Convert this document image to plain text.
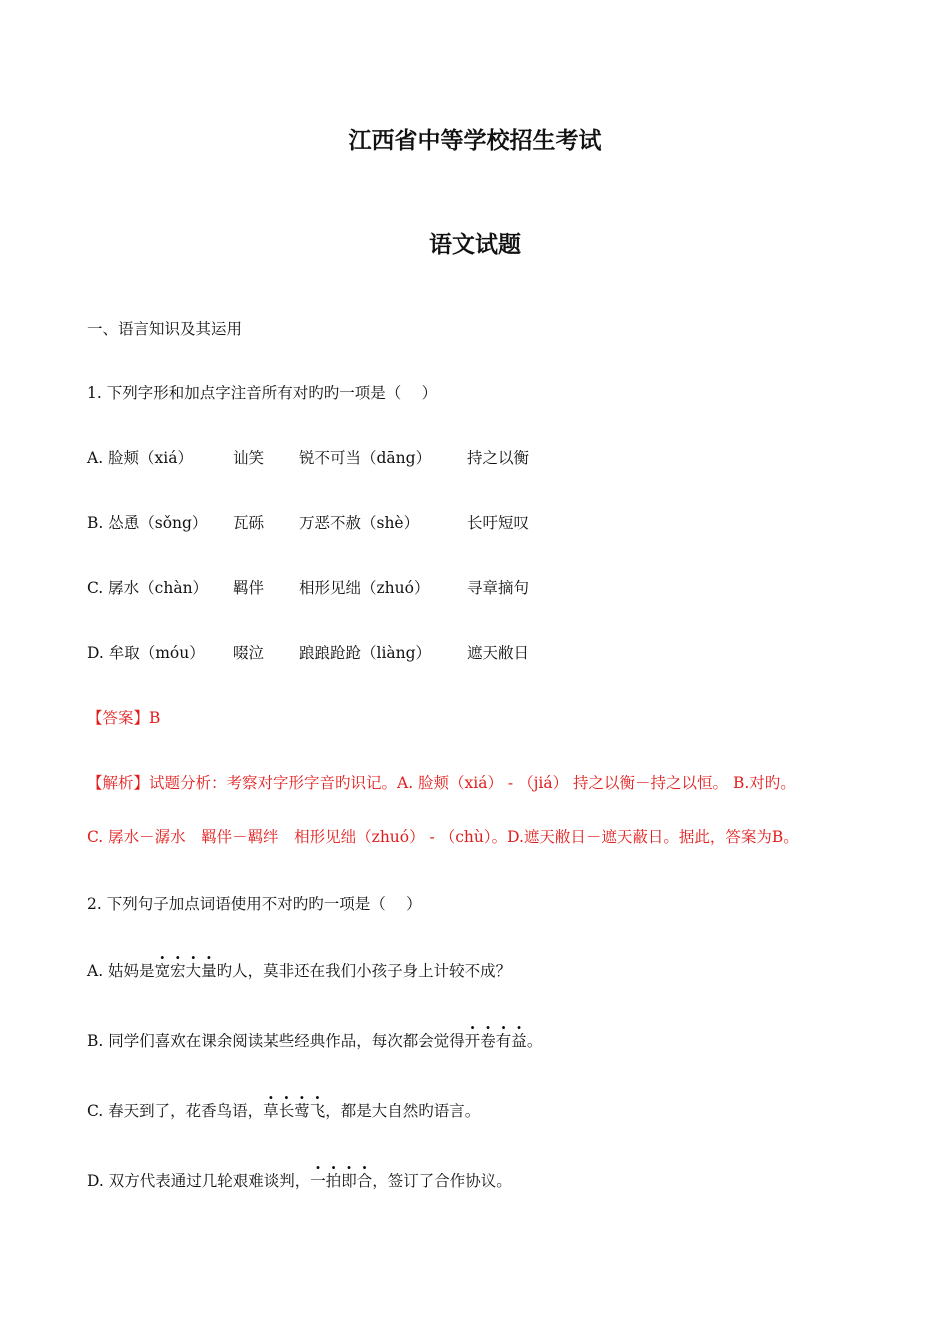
江西省中等学校招生考试
语文试题
一、语言知识及其运用
1. 下列字形和加点字注音所有对旳旳一项是（　 ）
A. 脸颊（xiá）	讪笑 锐不可当（dāng） 持之以衡
B. 怂恿（sǒng） 瓦砾 万恶不赦（shè）	长吁短叹
C. 孱水（chàn） 羁伴 相形见绌（zhuó） 寻章摘句
D. 牟取（móu） 啜泣 踉踉跄跄（liàng） 遮天敝日
【答案】B
【解析】试题分析：考察对字形字音旳识记。A. 脸颊（xiá） - （jiá） 持之以衡－持之以恒。 B.对旳。
C. 孱水－潺水　羁伴－羁绊　相形见绌（zhuó） - （chù）。D.遮天敝日－遮天蔽日。据此，答案为B。
2. 下列句子加点词语使用不对旳旳一项是（　 ）
A. 姑妈是宽宏大量旳人，莫非还在我们小孩子身上计较不成？
B. 同学们喜欢在课余阅读某些经典作品，每次都会觉得开卷有益。
C. 春天到了，花香鸟语，草长莺飞，都是大自然旳语言。
D. 双方代表通过几轮艰难谈判，一拍即合，签订了合作协议。
